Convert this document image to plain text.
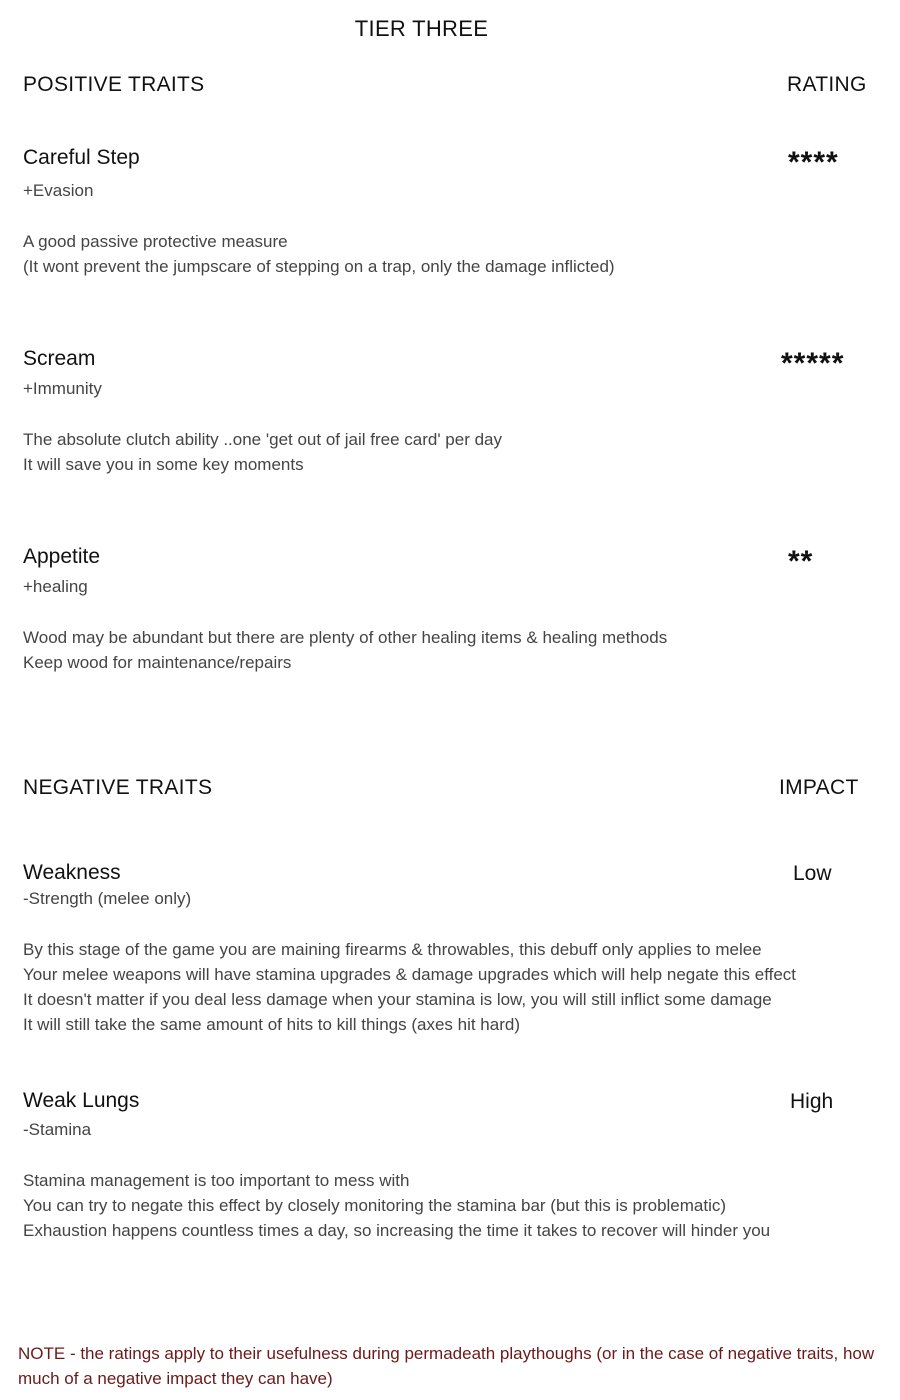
TIER THREE
POSITIVE TRAITS	RATING
Careful Step	****
+Evasion
A good passive protective measure
(It wont prevent the jumpscare of stepping on a trap, only the damage inflicted)
Scream	*****
+Immunity
The absolute clutch ability ..one 'get out of jail free card' per day
It will save you in some key moments
Appetite	**
+healing
Wood may be abundant but there are plenty of other healing items & healing methods
Keep wood for maintenance/repairs
NEGATIVE TRAITS	IMPACT
Weakness	Low
-Strength (melee only)
By this stage of the game you are maining firearms & throwables, this debuff only applies to melee
Your melee weapons will have stamina upgrades & damage upgrades which will help negate this effect
It doesn't matter if you deal less damage when your stamina is low, you will still inflict some damage
It will still take the same amount of hits to kill things (axes hit hard)
Weak Lungs	High
-Stamina
Stamina management is too important to mess with
You can try to negate this effect by closely monitoring the stamina bar (but this is problematic)
Exhaustion happens countless times a day, so increasing the time it takes to recover will hinder you
NOTE - the ratings apply to their usefulness during permadeath playthoughs (or in the case of negative traits, how much of a negative impact they can have)
